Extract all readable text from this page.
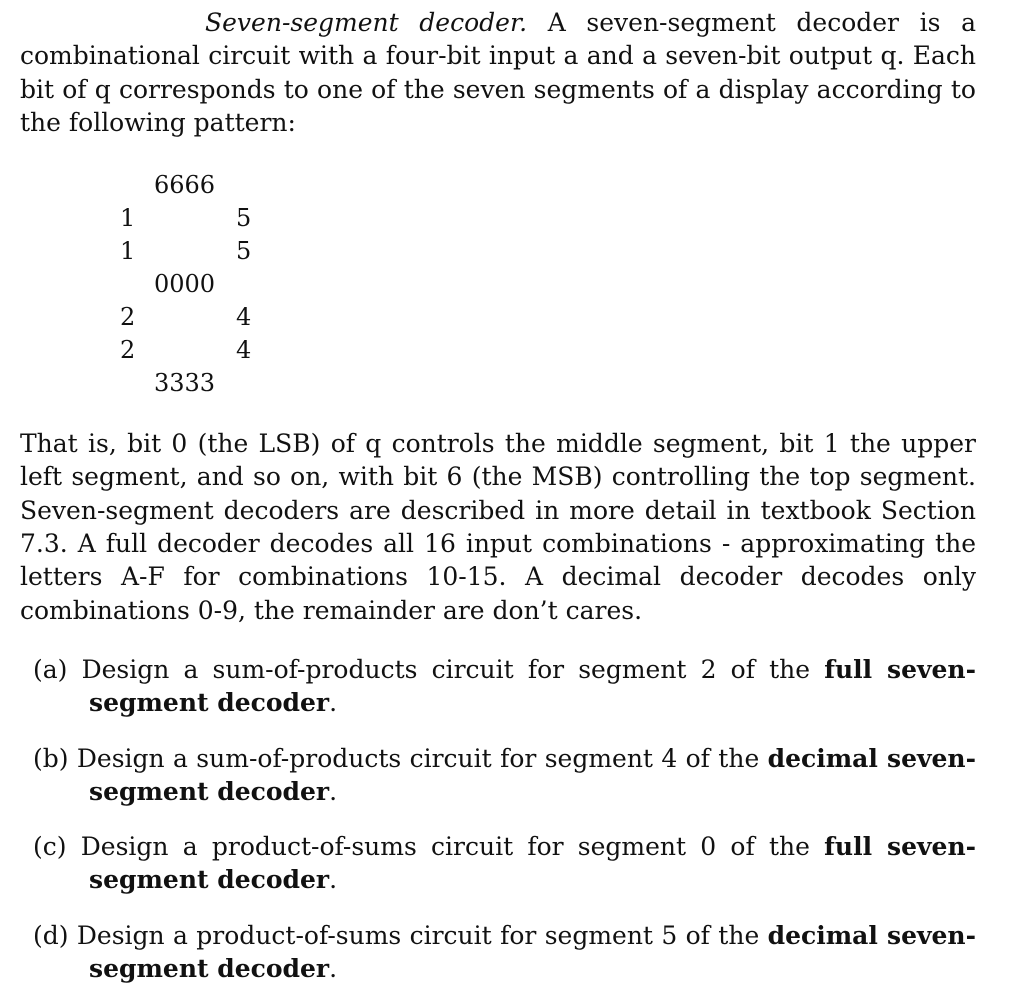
Seven-segment decoder. A seven-segment decoder is a combinational circuit with a four-bit input a and a seven-bit output q. Each bit of q corresponds to one of the seven segments of a display according to the following pattern:

6666
1	5
1	5
0000
2	4
2	4
3333

That is, bit 0 (the LSB) of q controls the middle segment, bit 1 the upper left segment, and so on, with bit 6 (the MSB) controlling the top segment. Seven-segment decoders are described in more detail in textbook Section 7.3. A full decoder decodes all 16 input combinations - approximating the letters A-F for combinations 10-15. A decimal decoder decodes only combinations 0-9, the remainder are don’t cares.

(a) Design a sum-of-products circuit for segment 2 of the full seven-segment decoder.

(b) Design a sum-of-products circuit for segment 4 of the decimal seven-segment decoder.

(c) Design a product-of-sums circuit for segment 0 of the full seven-segment decoder.

(d) Design a product-of-sums circuit for segment 5 of the decimal seven-segment decoder.
